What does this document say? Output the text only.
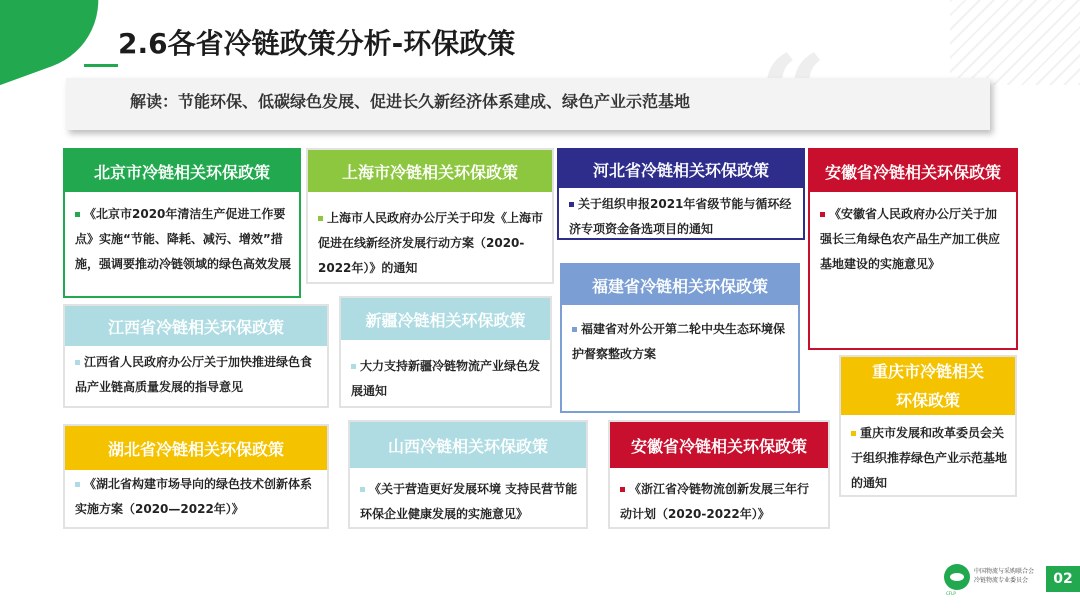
2.6各省冷链政策分析-环保政策
解读：节能环保、低碳绿色发展、促进长久新经济体系建成、绿色产业示范基地
北京市冷链相关环保政策
《北京市2020年清洁生产促进工作要点》实施“节能、降耗、减污、增效”措施，强调要推动冷链领域的绿色高效发展
上海市冷链相关环保政策
上海市人民政府办公厅关于印发《上海市促进在线新经济发展行动方案（2020-2022年）》的通知
河北省冷链相关环保政策
关于组织申报2021年省级节能与循环经济专项资金备选项目的通知
安徽省冷链相关环保政策
《安徽省人民政府办公厅关于加强长三角绿色农产品生产加工供应基地建设的实施意见》
福建省冷链相关环保政策
福建省对外公开第二轮中央生态环境保护督察整改方案
江西省冷链相关环保政策
江西省人民政府办公厅关于加快推进绿色食品产业链高质量发展的指导意见
新疆冷链相关环保政策
大力支持新疆冷链物流产业绿色发展通知
重庆市冷链相关
环保政策
重庆市发展和改革委员会关于组织推荐绿色产业示范基地的通知
湖北省冷链相关环保政策
《湖北省构建市场导向的绿色技术创新体系实施方案（2020—2022年）》
山西冷链相关环保政策
《关于营造更好发展环境 支持民营节能环保企业健康发展的实施意见》
安徽省冷链相关环保政策
《浙江省冷链物流创新发展三年行动计划（2020-2022年）》
中国物流与采购联合会
冷链物流专业委员会
CFLP
02
